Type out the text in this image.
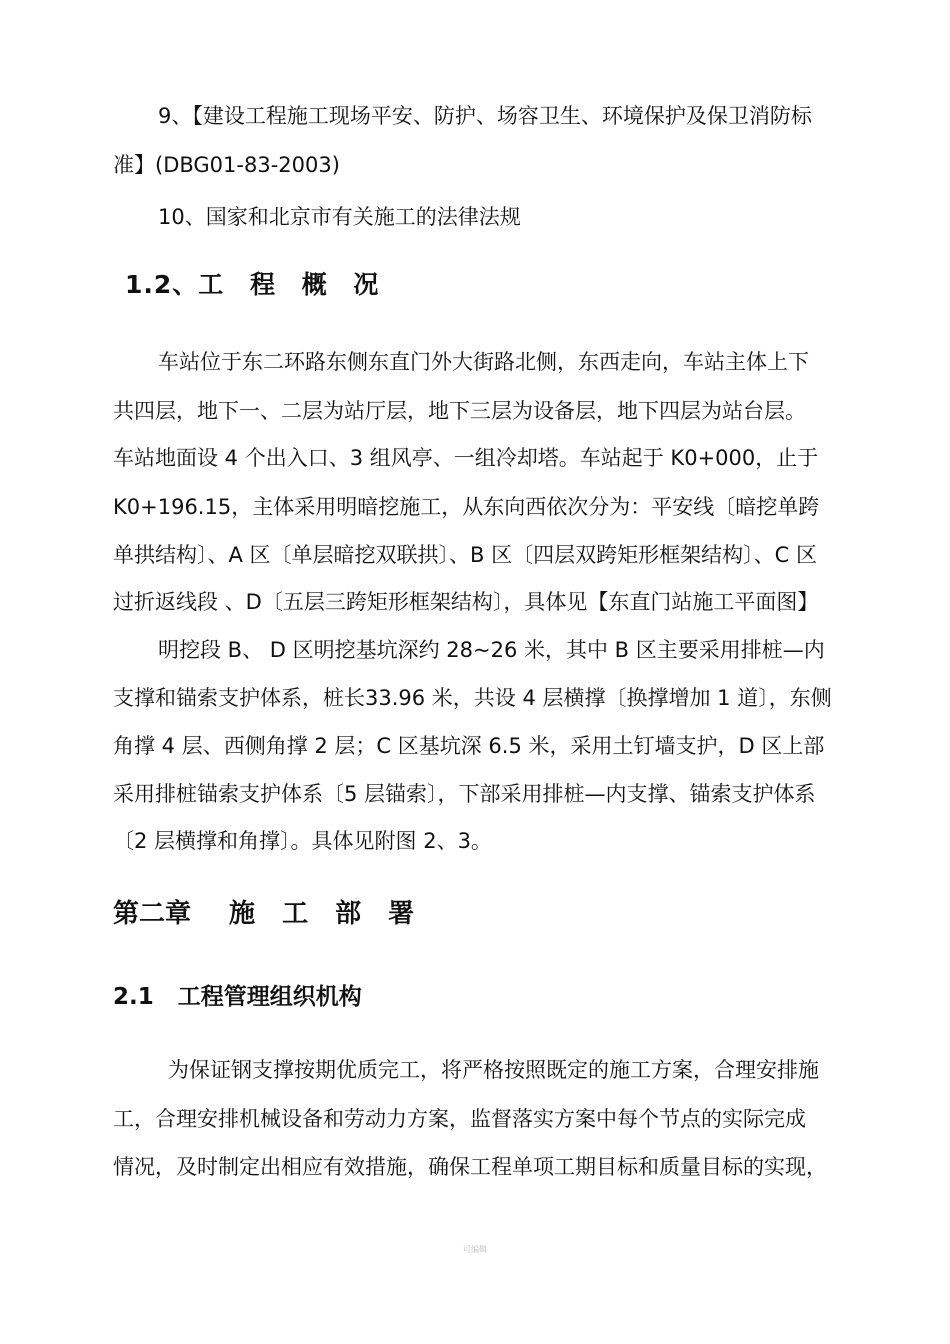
9、【建设工程施工现场平安、防护、场容卫生、环境保护及保卫消防标
准】(DBG01-83-2003)
10、国家和北京市有关施工的法律法规
1.2、工 程 概 况
车站位于东二环路东侧东直门外大街路北侧，东西走向，车站主体上下
共四层，地下一、二层为站厅层，地下三层为设备层，地下四层为站台层。
车站地面设 4 个出入口、3 组风亭、一组冷却塔。车站起于 K0+000，止于
K0+196.15，主体采用明暗挖施工，从东向西依次分为：平安线〔暗挖单跨
单拱结构〕、A 区〔单层暗挖双联拱〕、B 区〔四层双跨矩形框架结构〕、C 区
过折返线段 、D〔五层三跨矩形框架结构〕，具体见【东直门站施工平面图】
明挖段 B、 D 区明挖基坑深约 28~26 米，其中 B 区主要采用排桩—内
支撑和锚索支护体系，桩长33.96 米，共设 4 层横撑〔换撑增加 1 道〕，东侧
角撑 4 层、西侧角撑 2 层；C 区基坑深 6.5 米，采用土钉墙支护，D 区上部
采用排桩锚索支护体系〔5 层锚索〕，下部采用排桩—内支撑、锚索支护体系
〔2 层横撑和角撑〕。具体见附图 2、3。
第二章 施 工 部 署
2.1 工程管理组织机构
为保证钢支撑按期优质完工，将严格按照既定的施工方案，合理安排施
工，合理安排机械设备和劳动力方案，监督落实方案中每个节点的实际完成
情况，及时制定出相应有效措施，确保工程单项工期目标和质量目标的实现，
可编辑
